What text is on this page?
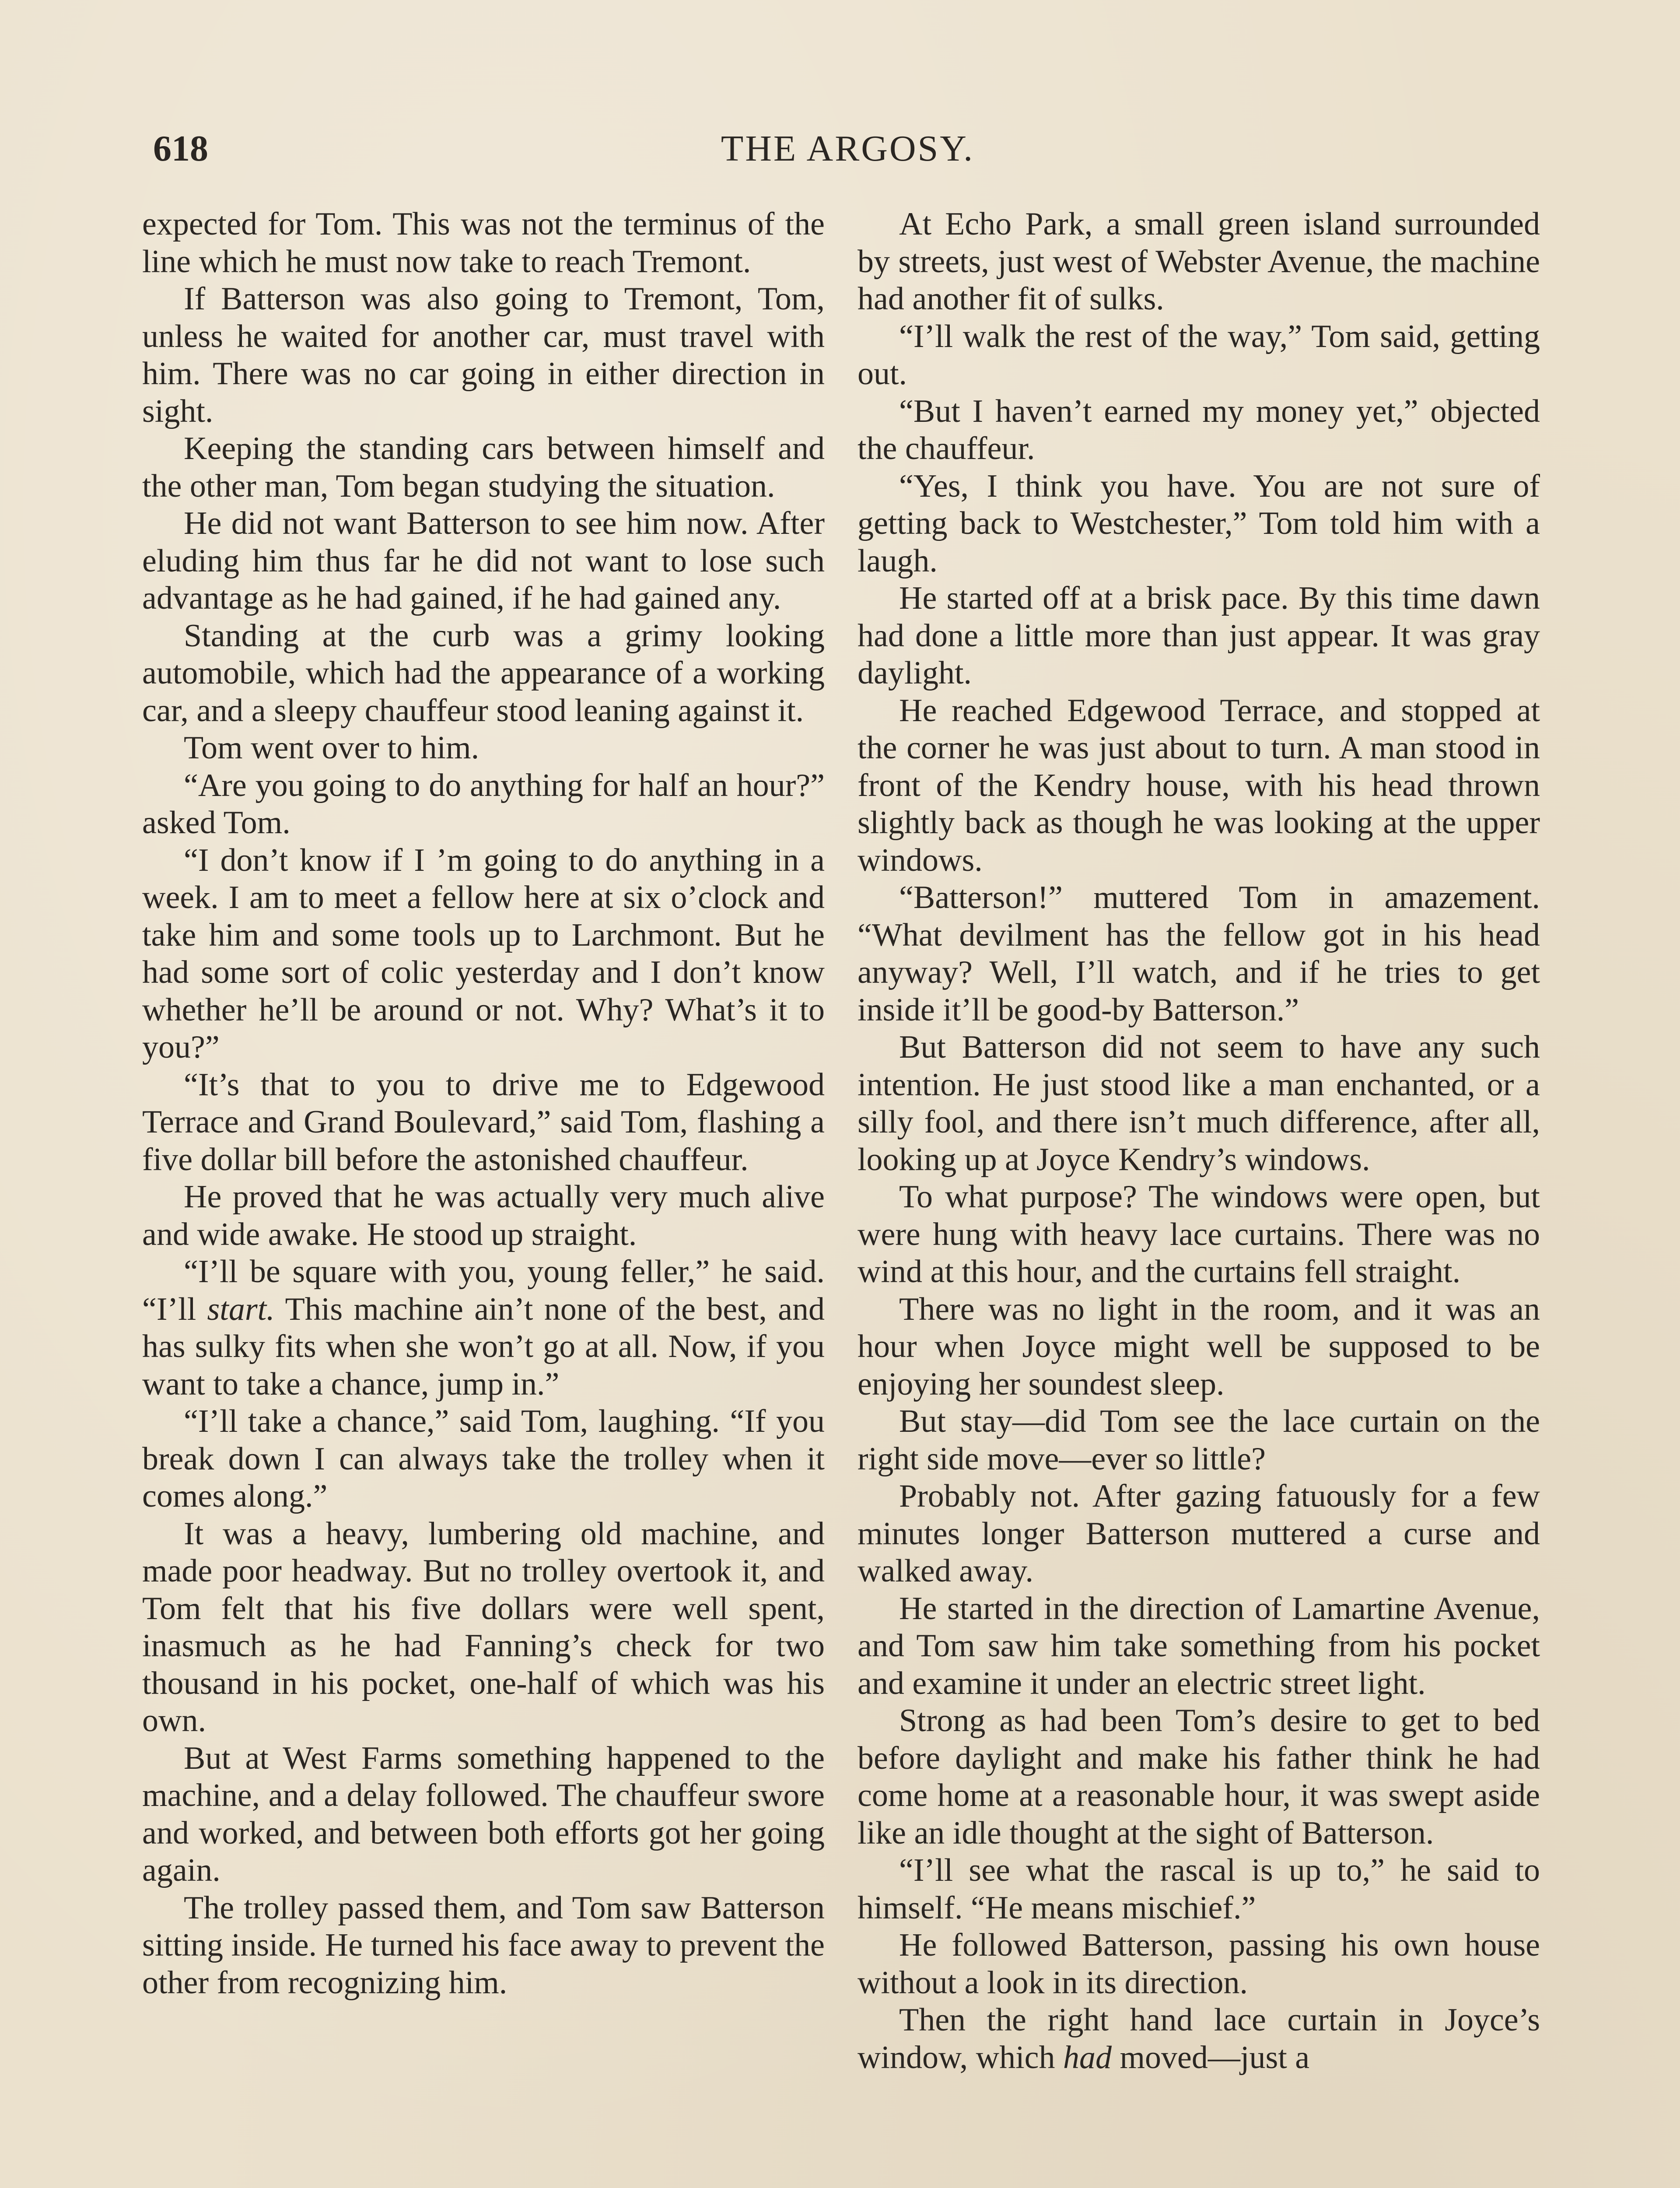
618	THE ARGOSY.

expected for Tom. This was not the terminus of the line which he must now take to reach Tremont.

If Batterson was also going to Tremont, Tom, unless he waited for another car, must travel with him. There was no car going in either direction in sight.

Keeping the standing cars between himself and the other man, Tom began studying the situation.

He did not want Batterson to see him now. After eluding him thus far he did not want to lose such advantage as he had gained, if he had gained any.

Standing at the curb was a grimy looking automobile, which had the appearance of a working car, and a sleepy chauffeur stood leaning against it.

Tom went over to him.

“Are you going to do anything for half an hour?” asked Tom.

“I don’t know if I ’m going to do anything in a week. I am to meet a fellow here at six o’clock and take him and some tools up to Larchmont. But he had some sort of colic yesterday and I don’t know whether he’ll be around or not. Why? What’s it to you?”

“It’s that to you to drive me to Edgewood Terrace and Grand Boulevard,” said Tom, flashing a five dollar bill before the astonished chauffeur.

He proved that he was actually very much alive and wide awake. He stood up straight.

“I’ll be square with you, young feller,” he said. “I’ll start. This machine ain’t none of the best, and has sulky fits when she won’t go at all. Now, if you want to take a chance, jump in.”

“I’ll take a chance,” said Tom, laughing. “If you break down I can always take the trolley when it comes along.”

It was a heavy, lumbering old machine, and made poor headway. But no trolley overtook it, and Tom felt that his five dollars were well spent, inasmuch as he had Fanning’s check for two thousand in his pocket, one-half of which was his own.

But at West Farms something happened to the machine, and a delay followed. The chauffeur swore and worked, and between both efforts got her going again.

The trolley passed them, and Tom saw Batterson sitting inside. He turned his face away to prevent the other from recognizing him.

At Echo Park, a small green island surrounded by streets, just west of Webster Avenue, the machine had another fit of sulks.

“I’ll walk the rest of the way,” Tom said, getting out.

“But I haven’t earned my money yet,” objected the chauffeur.

“Yes, I think you have. You are not sure of getting back to Westchester,” Tom told him with a laugh.

He started off at a brisk pace. By this time dawn had done a little more than just appear. It was gray daylight.

He reached Edgewood Terrace, and stopped at the corner he was just about to turn. A man stood in front of the Kendry house, with his head thrown slightly back as though he was looking at the upper windows.

“Batterson!” muttered Tom in amazement. “What devilment has the fellow got in his head anyway? Well, I’ll watch, and if he tries to get inside it’ll be good-by Batterson.”

But Batterson did not seem to have any such intention. He just stood like a man enchanted, or a silly fool, and there isn’t much difference, after all, looking up at Joyce Kendry’s windows.

To what purpose? The windows were open, but were hung with heavy lace curtains. There was no wind at this hour, and the curtains fell straight.

There was no light in the room, and it was an hour when Joyce might well be supposed to be enjoying her soundest sleep.

But stay—did Tom see the lace curtain on the right side move—ever so little?

Probably not. After gazing fatuously for a few minutes longer Batterson muttered a curse and walked away.

He started in the direction of Lamartine Avenue, and Tom saw him take something from his pocket and examine it under an electric street light.

Strong as had been Tom’s desire to get to bed before daylight and make his father think he had come home at a reasonable hour, it was swept aside like an idle thought at the sight of Batterson.

“I’ll see what the rascal is up to,” he said to himself. “He means mischief.”

He followed Batterson, passing his own house without a look in its direction.

Then the right hand lace curtain in Joyce’s window, which had moved—just a
